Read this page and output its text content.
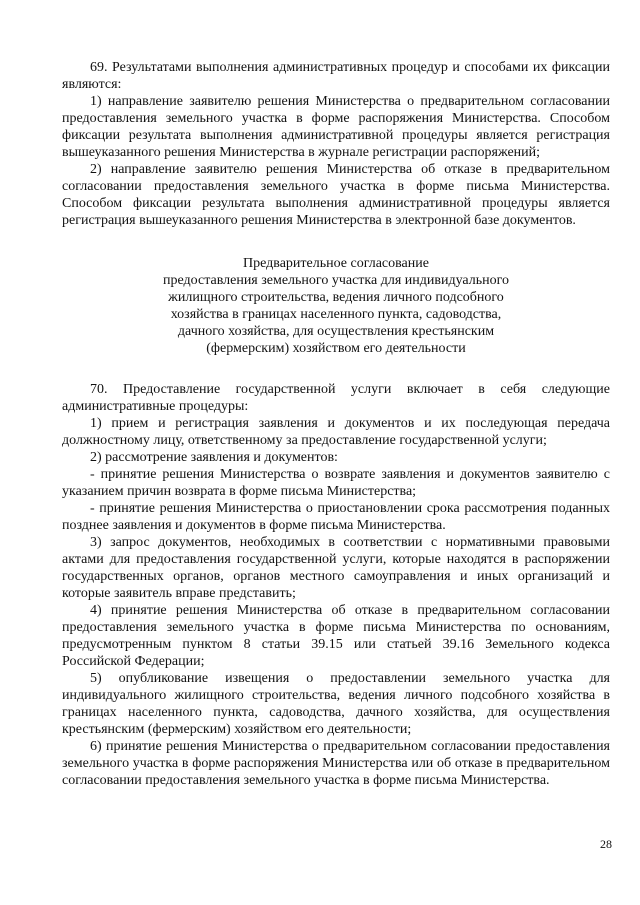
69. Результатами выполнения административных процедур и способами их фиксации являются:

1) направление заявителю решения Министерства о предварительном согласовании предоставления земельного участка в форме распоряжения Министерства. Способом фиксации результата выполнения административной процедуры является регистрация вышеуказанного решения Министерства в журнале регистрации распоряжений;

2) направление заявителю решения Министерства об отказе в предварительном согласовании предоставления земельного участка в форме письма Министерства. Способом фиксации результата выполнения административной процедуры является регистрация вышеуказанного решения Министерства в электронной базе документов.

Предварительное согласование
предоставления земельного участка для индивидуального
жилищного строительства, ведения личного подсобного
хозяйства в границах населенного пункта, садоводства,
дачного хозяйства, для осуществления крестьянским
(фермерским) хозяйством его деятельности

70. Предоставление государственной услуги включает в себя следующие административные процедуры:

1) прием и регистрация заявления и документов и их последующая передача должностному лицу, ответственному за предоставление государственной услуги;

2) рассмотрение заявления и документов:

- принятие решения Министерства о возврате заявления и документов заявителю с указанием причин возврата в форме письма Министерства;

- принятие решения Министерства о приостановлении срока рассмотрения поданных позднее заявления и документов в форме письма Министерства.

3) запрос документов, необходимых в соответствии с нормативными правовыми актами для предоставления государственной услуги, которые находятся в распоряжении государственных органов, органов местного самоуправления и иных организаций и которые заявитель вправе представить;

4) принятие решения Министерства об отказе в предварительном согласовании предоставления земельного участка в форме письма Министерства по основаниям, предусмотренным пунктом 8 статьи 39.15 или статьей 39.16 Земельного кодекса Российской Федерации;

5) опубликование извещения о предоставлении земельного участка для индивидуального жилищного строительства, ведения личного подсобного хозяйства в границах населенного пункта, садоводства, дачного хозяйства, для осуществления крестьянским (фермерским) хозяйством его деятельности;

6) принятие решения Министерства о предварительном согласовании предоставления земельного участка в форме распоряжения Министерства или об отказе в предварительном согласовании предоставления земельного участка в форме письма Министерства.

28
